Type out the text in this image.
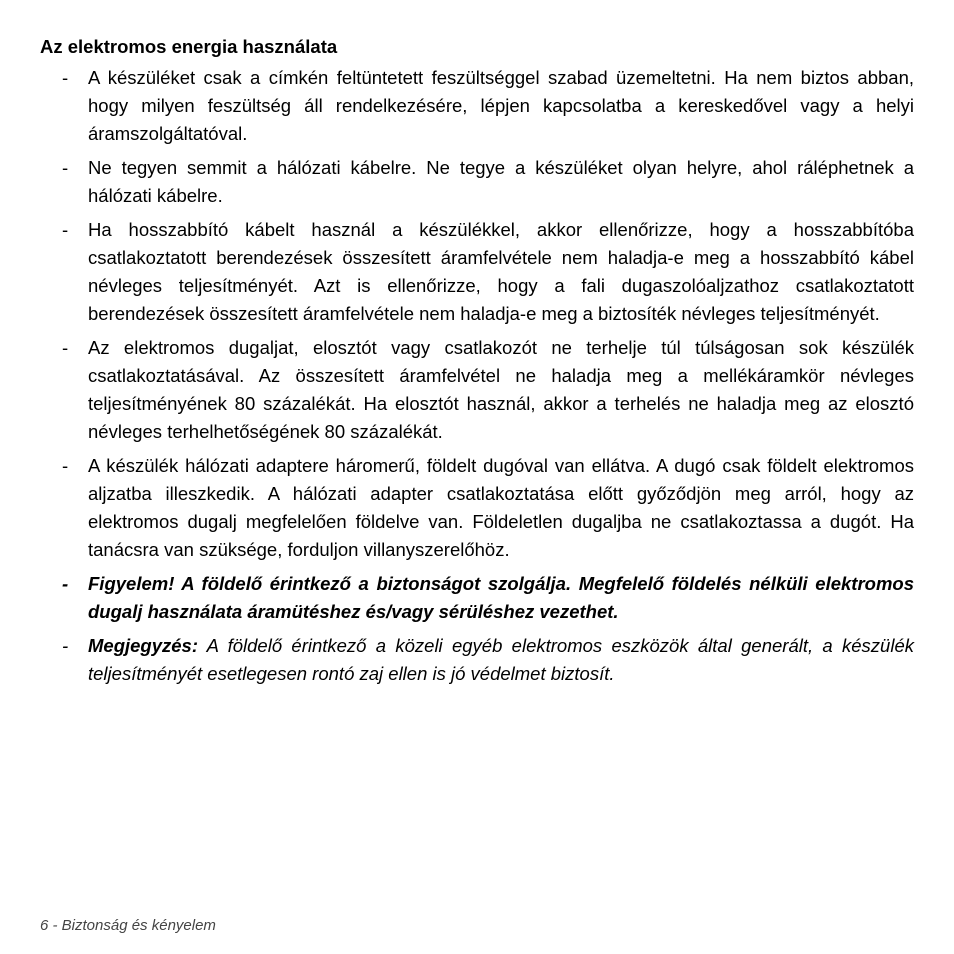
Az elektromos energia használata
- A készüléket csak a címkén feltüntetett feszültséggel szabad üzemeltetni. Ha nem biztos abban, hogy milyen feszültség áll rendelkezésére, lépjen kapcsolatba a kereskedővel vagy a helyi áramszolgáltatóval.
- Ne tegyen semmit a hálózati kábelre. Ne tegye a készüléket olyan helyre, ahol ráléphetnek a hálózati kábelre.
- Ha hosszabbító kábelt használ a készülékkel, akkor ellenőrizze, hogy a hosszabbítóba csatlakoztatott berendezések összesített áramfelvétele nem haladja-e meg a hosszabbító kábel névleges teljesítményét. Azt is ellenőrizze, hogy a fali dugaszolóaljzathoz csatlakoztatott berendezések összesített áramfelvétele nem haladja-e meg a biztosíték névleges teljesítményét.
- Az elektromos dugaljat, elosztót vagy csatlakozót ne terhelje túl túlságosan sok készülék csatlakoztatásával. Az összesített áramfelvétel ne haladja meg a mellékáramkör névleges teljesítményének 80 százalékát. Ha elosztót használ, akkor a terhelés ne haladja meg az elosztó névleges terhelhetőségének 80 százalékát.
- A készülék hálózati adaptere háromerű, földelt dugóval van ellátva. A dugó csak földelt elektromos aljzatba illeszkedik. A hálózati adapter csatlakoztatása előtt győződjön meg arról, hogy az elektromos dugalj megfelelően földelve van. Földeletlen dugaljba ne csatlakoztassa a dugót. Ha tanácsra van szüksége, forduljon villanyszerelőhöz.
- Figyelem! A földelő érintkező a biztonságot szolgálja. Megfelelő földelés nélküli elektromos dugalj használata áramütéshez és/vagy sérüléshez vezethet.
- Megjegyzés: A földelő érintkező a közeli egyéb elektromos eszközök által generált, a készülék teljesítményét esetlegesen rontó zaj ellen is jó védelmet biztosít.
6 - Biztonság és kényelem
